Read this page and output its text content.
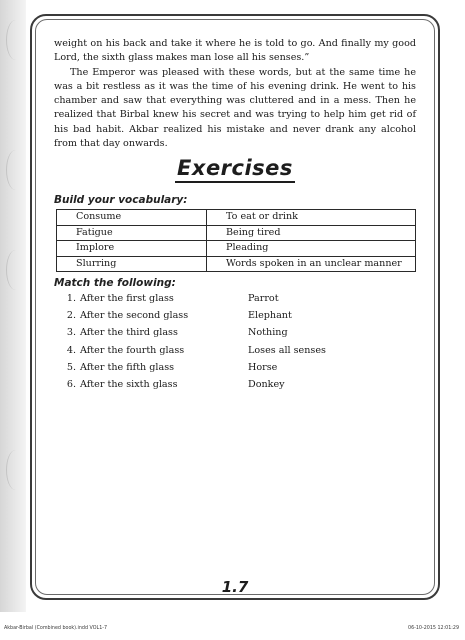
weight on his back and take it where he is told to go. And finally my good Lord, the sixth glass makes man lose all his senses.”

The Emperor was pleased with these words, but at the same time he was a bit restless as it was the time of his evening drink. He went to his chamber and saw that everything was cluttered and in a mess. Then he realized that Birbal knew his secret and was trying to help him get rid of his bad habit. Akbar realized his mistake and never drank any alcohol from that day onwards.

Exercises
Build your vocabulary:
Consume	To eat or drink
Fatigue	Being tired
Implore	Pleading
Slurring	Words spoken in an unclear manner
Match the following:
1. After the first glass	Parrot
2. After the second glass	Elephant
3. After the third glass	Nothing
4. After the fourth glass	Loses all senses
5. After the fifth glass	Horse
6. After the sixth glass	Donkey
1.7
Akbar-Birbal (Combined book).indd VOL1-7	06-10-2015 12:01:29
